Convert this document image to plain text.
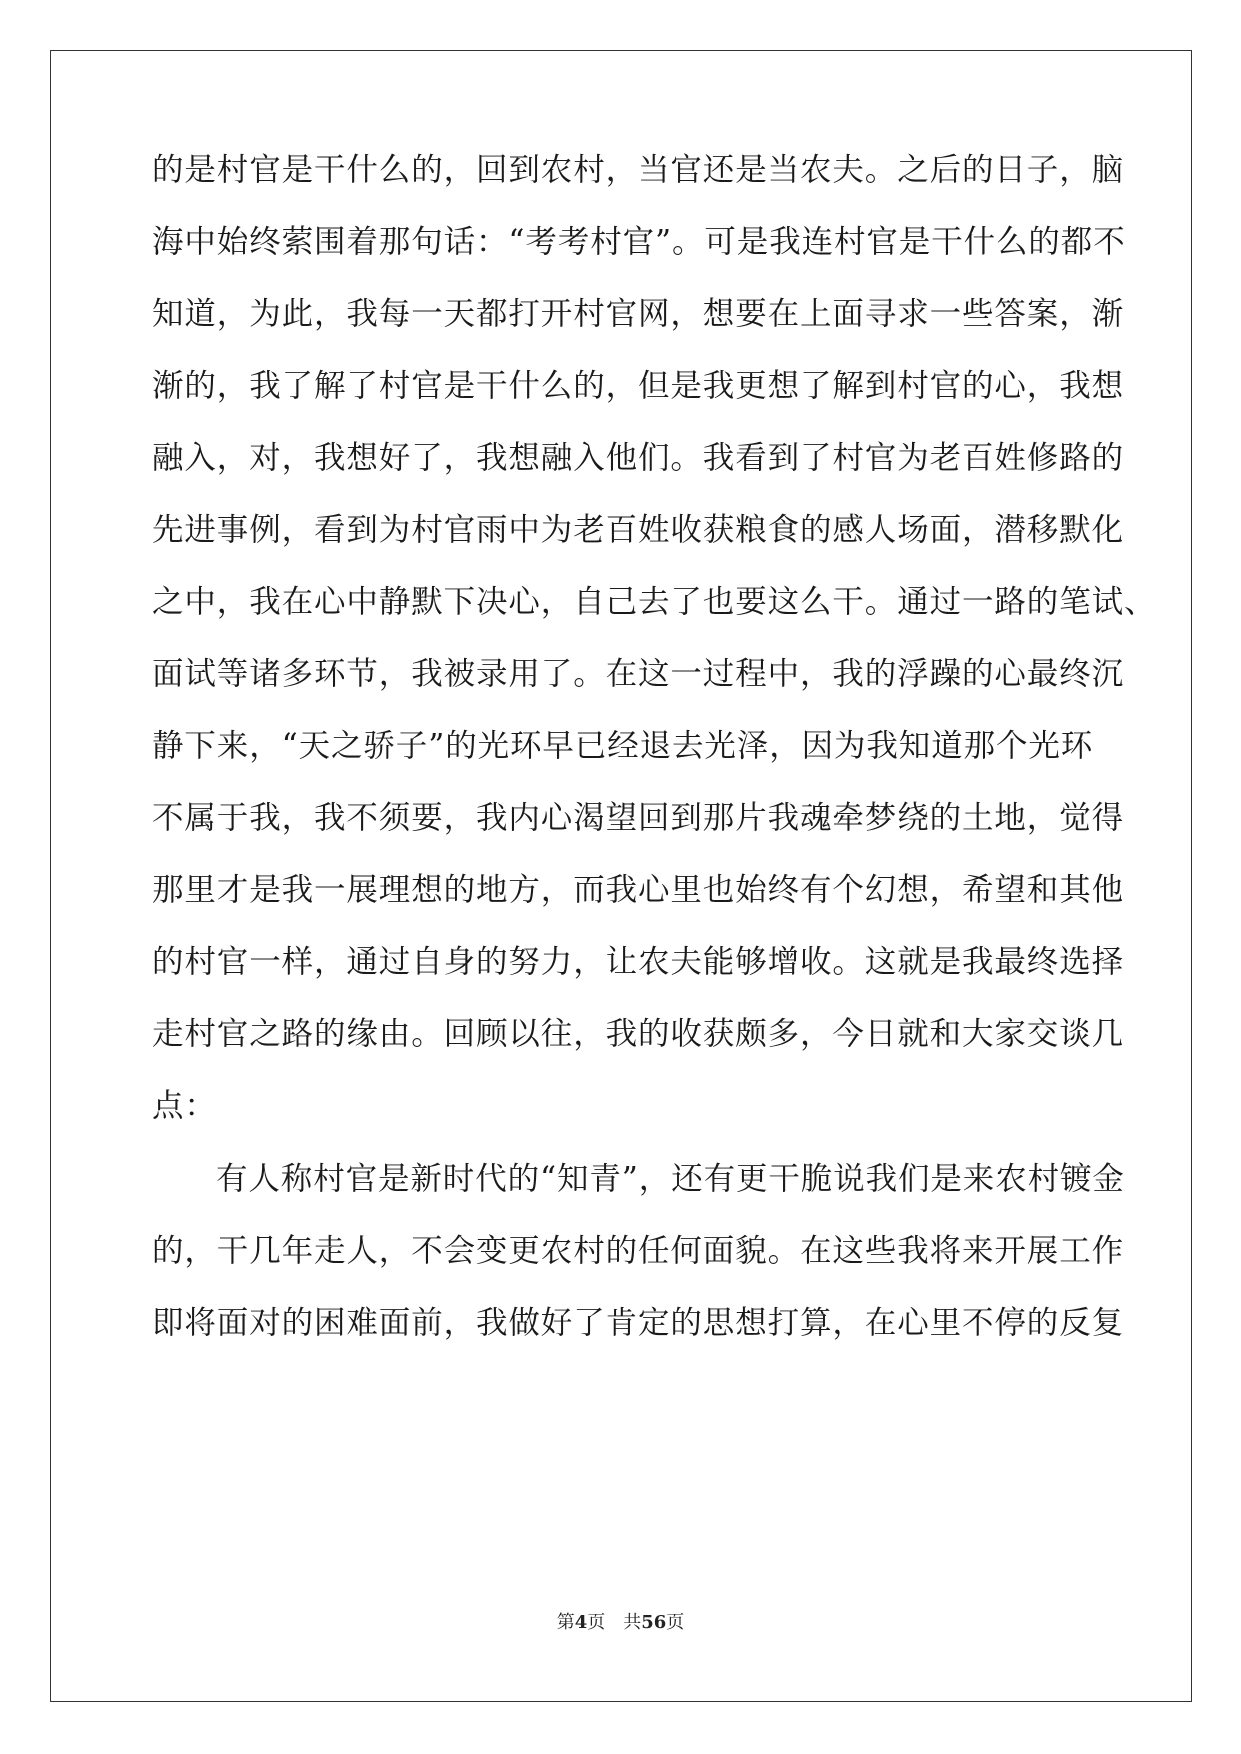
的是村官是干什么的，回到农村，当官还是当农夫。之后的日子，脑
海中始终萦围着那句话：“考考村官”。可是我连村官是干什么的都不
知道，为此，我每一天都打开村官网，想要在上面寻求一些答案，渐
渐的，我了解了村官是干什么的，但是我更想了解到村官的心，我想
融入，对，我想好了，我想融入他们。我看到了村官为老百姓修路的
先进事例，看到为村官雨中为老百姓收获粮食的感人场面，潜移默化
之中，我在心中静默下决心，自己去了也要这么干。通过一路的笔试、
面试等诸多环节，我被录用了。在这一过程中，我的浮躁的心最终沉
静下来，“天之骄子”的光环早已经退去光泽，因为我知道那个光环
不属于我，我不须要，我内心渴望回到那片我魂牵梦绕的土地，觉得
那里才是我一展理想的地方，而我心里也始终有个幻想，希望和其他
的村官一样，通过自身的努力，让农夫能够增收。这就是我最终选择
走村官之路的缘由。回顾以往，我的收获颇多，今日就和大家交谈几
点：
有人称村官是新时代的“知青”，还有更干脆说我们是来农村镀金
的，干几年走人，不会变更农村的任何面貌。在这些我将来开展工作
即将面对的困难面前，我做好了肯定的思想打算，在心里不停的反复
第4页　共56页
